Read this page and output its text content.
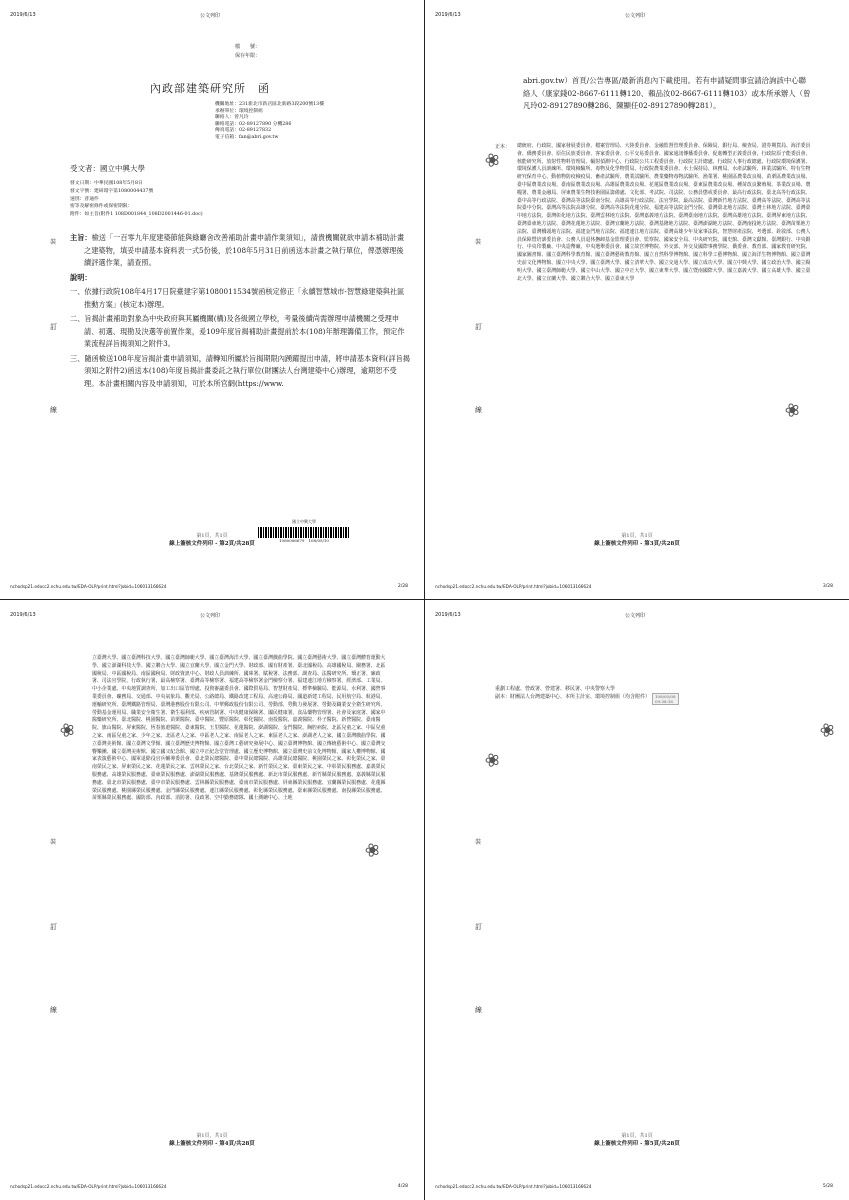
2019/6/13	公文列印
檔　　號：
保存年限：
內政部建築研究所　函
機關地址：231新北市新店區北新路3段200號13樓
承辦單位：環境控制組
聯絡人：曾凡玲
聯絡電話：02-89127890 分機286
傳真電話：02-89127832
電子信箱：fan@abri.gov.tw
受文者：國立中興大學
發文日期：中華民國108年5月8日
發文字號：建研環字第1080004437號
速別：普通件
密等及解密條件或保密期限：
附件：如主旨(附件1 108D001844_108D2001446-01.doc)
裝
訂
線
主旨：檢送「一百零九年度建築節能與綠廳舍改善補助計畫申請作業須知」，請貴機關就欲申請本補助計畫之建築物，填妥申請基本資料表一式5份後，於108年5月31日前函送本計畫之執行單位，俾憑辦理後續評選作業，請查照。
說明：
一、依據行政院108年4月17日院臺建字第1080011534號函核定修正「永續智慧城市-智慧綠建築與社區推動方案」(核定本)辦理。
二、旨揭計畫補助對象為中央政府與其屬機關(構)及各級國立學校，考量後續尚需辦理申請機關之受理申請、初選、現勘及決選等前置作業，爰109年度旨揭補助計畫提前於本(108)年辦理籌備工作，預定作業流程詳旨揭須知之附件3。
三、隨函檢送108年度旨揭計畫申請須知，請轉知所屬於旨揭期限內踴躍提出申請，將申請基本資料(詳旨揭須知之附件2)函送本(108)年度旨揭計畫委託之執行單位(財團法人台灣建築中心)辦理，逾期恕不受理。本計畫相關內容及申請須知，可於本所官網(https://www.
國立中興大學
1080006679　108/05/10
第1頁，共1頁
線上簽核文件列印 - 第2頁/共28頁
nchodsp21.edocc2.nchu.edu.tw/EDA-OLP/print.html?jobid=106013166624	2/28
2019/6/13	公文列印
abri.gov.tw）首頁/公告專區/最新消息內下載使用。若有申請疑問事宜請洽詢該中心聯絡人（康家錢02-8667-6111轉120、賴品汝02-8667-6111轉103）或本所承辦人（曾凡玲02-89127890轉286、陳顯任02-89127890轉281）。
正本： 總統府、行政院、國家發展委員會、檔案管理局、大陸委員會、金融監督管理委員會、保險局、銀行局、檢查局、證券期貨局、海洋委員會、僑務委員會、原住民族委員會、客家委員會、公平交易委員會、國家通訊傳播委員會、促進轉型正義委員會、行政院原子能委員會、核能研究所、放射性物料管理局、輻射偵測中心、行政院公共工程委員會、行政院主計總處、行政院人事行政總處、行政院環境保護署、環境保護人員訓練所、環境檢驗所、毒物及化學物質局、行政院農業委員會、水土保持局、林務局、水產試驗所、林業試驗所、特有生物研究保育中心、動植物防疫檢疫局、畜產試驗所、農業試驗所、農業藥物毒物試驗所、漁業署、桃園區農業改良場、苗栗區農業改良場、臺中區農業改良場、臺南區農業改良場、高雄區農業改良場、花蓮區農業改良場、臺東區農業改良場、種苗改良繁殖場、茶業改良場、農糧署、農業金融局、屏東農業生物技術園區籌備處、文化部、考試院、司法院、公務員懲戒委員會、最高行政法院、臺北高等行政法院、臺中高等行政法院、臺灣高等法院臺南分院、高雄高等行政法院、法官學院、最高法院、臺灣新竹地方法院、臺灣高等法院、臺灣高等法院臺中分院、臺灣高等法院高雄分院、臺灣高等法院花蓮分院、福建高等法院金門分院、臺灣臺北地方法院、臺灣士林地方法院、臺灣臺中地方法院、臺灣彰化地方法院、臺灣雲林地方法院、臺灣嘉義地方法院、臺灣臺南地方法院、臺灣高雄地方法院、臺灣屏東地方法院、臺灣臺東地方法院、臺灣花蓮地方法院、臺灣宜蘭地方法院、臺灣基隆地方法院、臺灣澎湖地方法院、臺灣南投地方法院、臺灣苗栗地方法院、臺灣橋頭地方法院、福建金門地方法院、福建連江地方法院、臺灣高雄少年及家事法院、智慧財產法院、考選部、銓敘部、公務人員保障暨培訓委員會、公務人員退休撫卹基金監理委員會、監察院、國家安全局、中央研究院、國史館、臺灣文獻館、臺灣銀行、中央銀行、中央印製廠、中央造幣廠、中央選舉委員會、國立故宮博物院、外交部、外交及國際事務學院、僑委會、教育部、國家教育研究院、國家圖書館、國立臺灣科學教育館、國立臺灣藝術教育館、國立自然科學博物館、國立科學工藝博物館、國立海洋生物博物館、國立臺灣史前文化博物館、國立中央大學、國立臺灣大學、國立清華大學、國立交通大學、國立成功大學、國立中興大學、國立政治大學、國立陽明大學、國立臺灣師範大學、國立中山大學、國立中正大學、國立東華大學、國立暨南國際大學、國立嘉義大學、國立高雄大學、國立臺北大學、國立宜蘭大學、國立聯合大學、國立臺東大學
裝
訂
線
❀
❀
第1頁，共1頁
線上簽核文件列印 - 第3頁/共28頁
nchodsp21.edocc2.nchu.edu.tw/EDA-OLP/print.html?jobid=106013166624	3/28
2019/6/13	公文列印
立臺灣大學、國立臺灣科技大學、國立臺灣師範大學、國立臺灣海洋大學、國立臺灣戲曲學院、國立臺灣藝術大學、國立臺灣體育運動大學、國立澎湖科技大學、國立聯合大學、國立宜蘭大學、國立金門大學、財政部、國有財產署、臺北國稅局、高雄國稅局、關務署、北區國稅局、中區國稅局、南區國稅局、財政資訊中心、財政人員訓練所、國庫署、賦稅署、法務部、調查局、法醫研究所、矯正署、廉政署、司法官學院、行政執行署、最高檢察署、臺灣高等檢察署、福建高等檢察署金門檢察分署、福建連江地方檢察署、經濟部、工業局、中小企業處、中央地質調查所、加工出口區管理處、投資審議委員會、國際貿易局、智慧財產局、標準檢驗局、能源局、水利署、國營事業委員會、礦務局、交通部、中央氣象局、觀光局、公路總局、鐵路改建工程局、高速公路局、國道新建工程局、民用航空局、航港局、運輸研究所、臺灣鐵路管理局、臺灣港務股份有限公司、中華郵政股份有限公司、勞動部、勞動力發展署、勞動及職業安全衛生研究所、勞動基金運用局、職業安全衛生署、衛生福利部、疾病管制署、中央健康保險署、國民健康署、食品藥物管理署、社會及家庭署、國家中醫藥研究所、臺北醫院、桃園醫院、苗栗醫院、臺中醫院、豐原醫院、彰化醫院、南投醫院、嘉義醫院、朴子醫院、新營醫院、臺南醫院、旗山醫院、屏東醫院、恆春旅遊醫院、臺東醫院、玉里醫院、花蓮醫院、澎湖醫院、金門醫院、胸腔病院、北區兒童之家、中區兒童之家、南區兒童之家、少年之家、北區老人之家、中區老人之家、南區老人之家、東區老人之家、澎湖老人之家、國立臺灣戲曲學院、國立臺灣美術館、國立臺灣文學館、國立臺灣歷史博物館、國立臺灣工藝研究發展中心、國立臺灣博物館、國立傳統藝術中心、國立臺灣交響樂團、國立臺灣美術館、國立國父紀念館、國立中正紀念堂管理處、國立歷史博物館、國立臺灣史前文化博物館、國家人權博物館、國家表演藝術中心、國軍退除役官兵輔導委員會、臺北榮民總醫院、臺中榮民總醫院、高雄榮民總醫院、桃園榮民之家、彰化榮民之家、臺南榮民之家、屏東榮民之家、花蓮榮民之家、雲林榮民之家、台北榮民之家、新竹榮民之家、臺東榮民之家、中彰榮民服務處、嘉義榮民服務處、高雄榮民服務處、臺東榮民服務處、澎湖榮民服務處、基隆榮民服務處、新北市榮民服務處、新竹縣榮民服務處、嘉義縣榮民服務處、臺北市榮民服務處、臺中市榮民服務處、雲林縣榮民服務處、臺南市榮民服務處、屏東縣榮民服務處、宜蘭縣榮民服務處、花蓮縣榮民服務處、桃園縣榮民服務處、金門縣榮民服務處、連江縣榮民服務處、彰化縣榮民服務處、臺東縣榮民服務處、南投縣榮民服務處、苗栗縣榮民服務處、國防部、內政部、消防署、役政署、空中勤務總隊、國土測繪中心、土地
裝
訂
線
❀
❀
第1頁，共1頁
線上簽核文件列印 - 第4頁/共28頁
nchodsp21.edocc2.nchu.edu.tw/EDA-OLP/print.html?jobid=106013166624	4/28
2019/6/13	公文列印
重劃工程處、營政署、營建署、移民署、中央警察大學
副本：財團法人台灣建築中心、本所主計室、環境控制組（均含附件） 108/05/08
09:38:16
裝
訂
線
❀
❀
第1頁，共1頁
線上簽核文件列印 - 第5頁/共28頁
nchodsp21.edocc2.nchu.edu.tw/EDA-OLP/print.html?jobid=106013166624	5/28
